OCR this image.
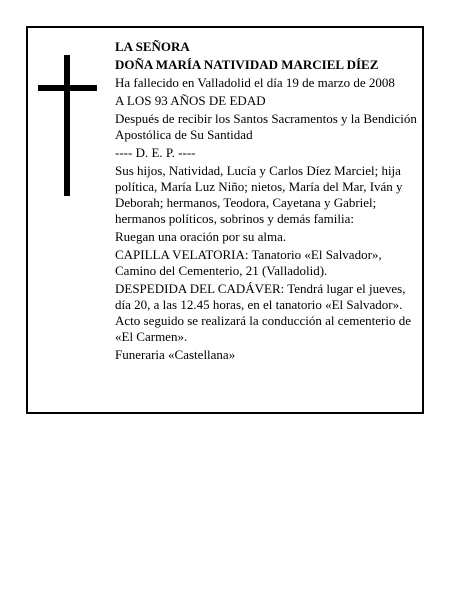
LA SEÑORA

DOÑA MARÍA NATIVIDAD MARCIEL DÍEZ

Ha fallecido en Valladolid el día 19 de marzo de 2008

A LOS 93 AÑOS DE EDAD

Después de recibir los Santos Sacramentos y la Bendición Apostólica de Su Santidad

---- D. E. P. ----

Sus hijos, Natividad, Lucía y Carlos Díez Marciel; hija política, María Luz Niño; nietos, María del Mar, Iván y Deborah; hermanos, Teodora, Cayetana y Gabriel; hermanos políticos, sobrinos y demás familia:

Ruegan una oración por su alma.

CAPILLA VELATORIA: Tanatorio «El Salvador», Camino del Cementerio, 21 (Valladolid).

DESPEDIDA DEL CADÁVER: Tendrá lugar el jueves, día 20, a las 12.45 horas, en el tanatorio «El Salvador». Acto seguido se realizará la conducción al cementerio de «El Carmen».

Funeraria «Castellana»
